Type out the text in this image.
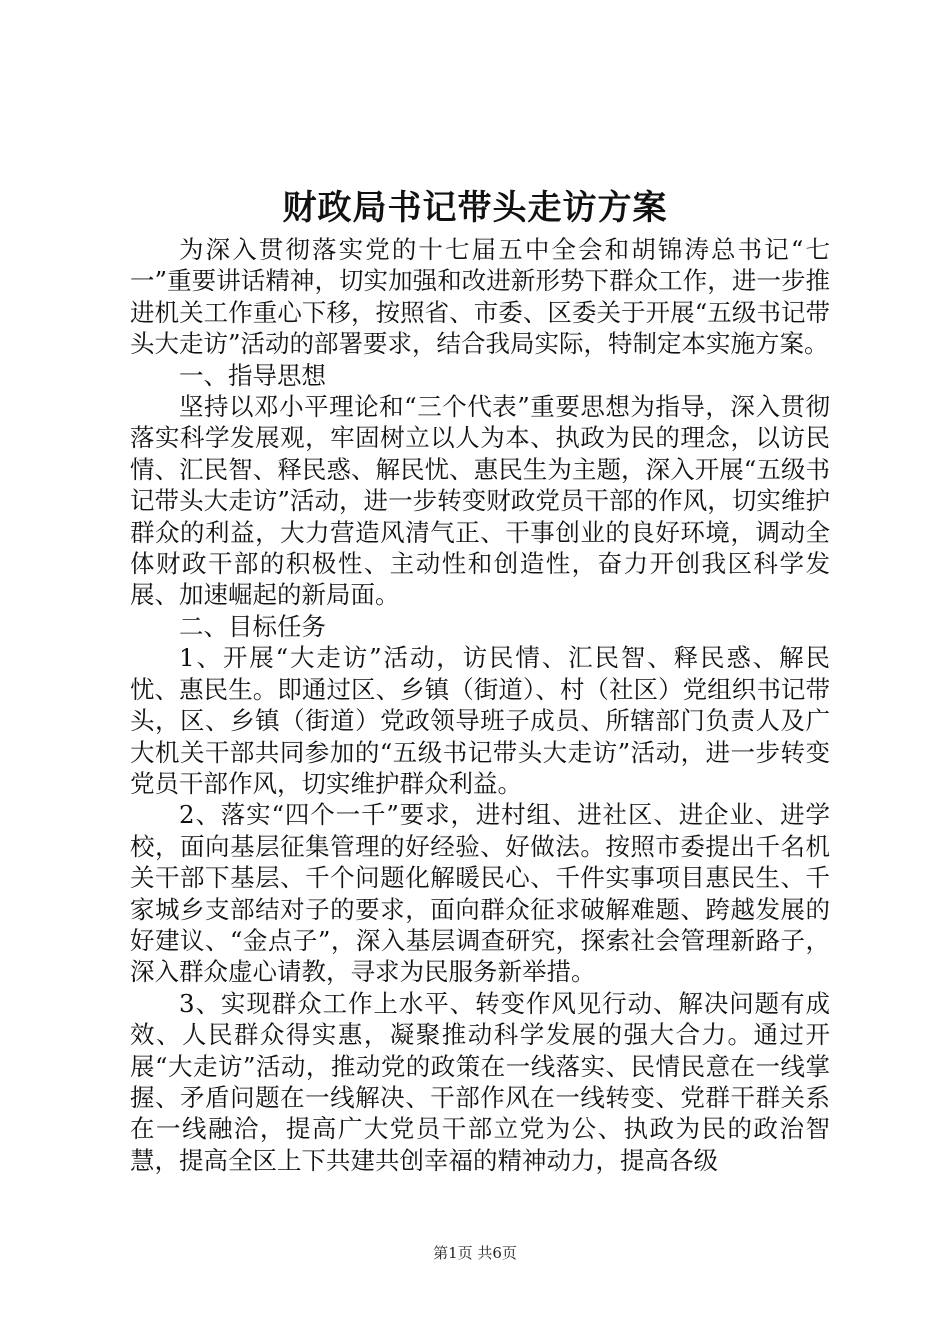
财政局书记带头走访方案

为深入贯彻落实党的十七届五中全会和胡锦涛总书记“七一”重要讲话精神，切实加强和改进新形势下群众工作，进一步推进机关工作重心下移，按照省、市委、区委关于开展“五级书记带头大走访”活动的部署要求，结合我局实际，特制定本实施方案。

一、指导思想

坚持以邓小平理论和“三个代表”重要思想为指导，深入贯彻落实科学发展观，牢固树立以人为本、执政为民的理念，以访民情、汇民智、释民惑、解民忧、惠民生为主题，深入开展“五级书记带头大走访”活动，进一步转变财政党员干部的作风，切实维护群众的利益，大力营造风清气正、干事创业的良好环境，调动全体财政干部的积极性、主动性和创造性，奋力开创我区科学发展、加速崛起的新局面。

二、目标任务

1、开展“大走访”活动，访民情、汇民智、释民惑、解民忧、惠民生。即通过区、乡镇（街道）、村（社区）党组织书记带头，区、乡镇（街道）党政领导班子成员、所辖部门负责人及广大机关干部共同参加的“五级书记带头大走访”活动，进一步转变党员干部作风，切实维护群众利益。

2、落实“四个一千”要求，进村组、进社区、进企业、进学校，面向基层征集管理的好经验、好做法。按照市委提出千名机关干部下基层、千个问题化解暖民心、千件实事项目惠民生、千家城乡支部结对子的要求，面向群众征求破解难题、跨越发展的好建议、“金点子”，深入基层调查研究，探索社会管理新路子，深入群众虚心请教，寻求为民服务新举措。

3、实现群众工作上水平、转变作风见行动、解决问题有成效、人民群众得实惠，凝聚推动科学发展的强大合力。通过开展“大走访”活动，推动党的政策在一线落实、民情民意在一线掌握、矛盾问题在一线解决、干部作风在一线转变、党群干群关系在一线融洽，提高广大党员干部立党为公、执政为民的政治智慧，提高全区上下共建共创幸福的精神动力，提高各级

第1页 共6页
